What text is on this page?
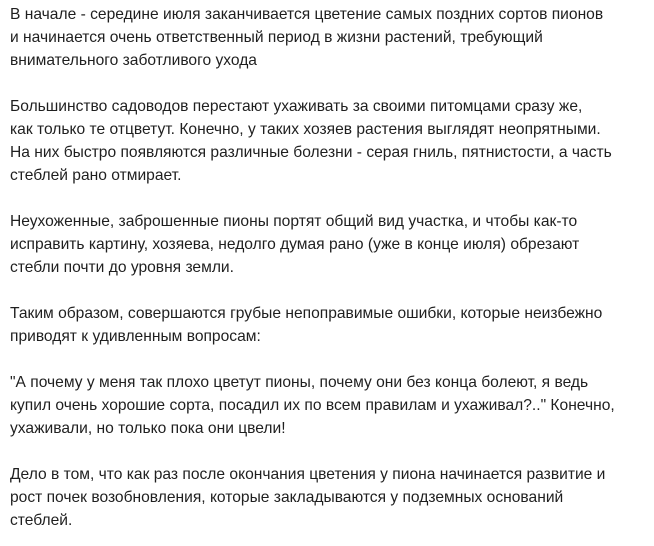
В начале - середине июля заканчивается цветение самых поздних сортов пионов
и начинается очень ответственный период в жизни растений, требующий
внимательного заботливого ухода

Большинство садоводов перестают ухаживать за своими питомцами сразу же,
как только те отцветут. Конечно, у таких хозяев растения выглядят неопрятными.
На них быстро появляются различные болезни - серая гниль, пятнистости, а часть
стеблей рано отмирает.

Неухоженные, заброшенные пионы портят общий вид участка, и чтобы как-то
исправить картину, хозяева, недолго думая рано (уже в конце июля) обрезают
стебли почти до уровня земли.

Таким образом, совершаются грубые непоправимые ошибки, которые неизбежно
приводят к удивленным вопросам:

"А почему у меня так плохо цветут пионы, почему они без конца болеют, я ведь
купил очень хорошие сорта, посадил их по всем правилам и ухаживал?.." Конечно,
ухаживали, но только пока они цвели!

Дело в том, что как раз после окончания цветения у пиона начинается развитие и
рост почек возобновления, которые закладываются у подземных оснований
стеблей.
